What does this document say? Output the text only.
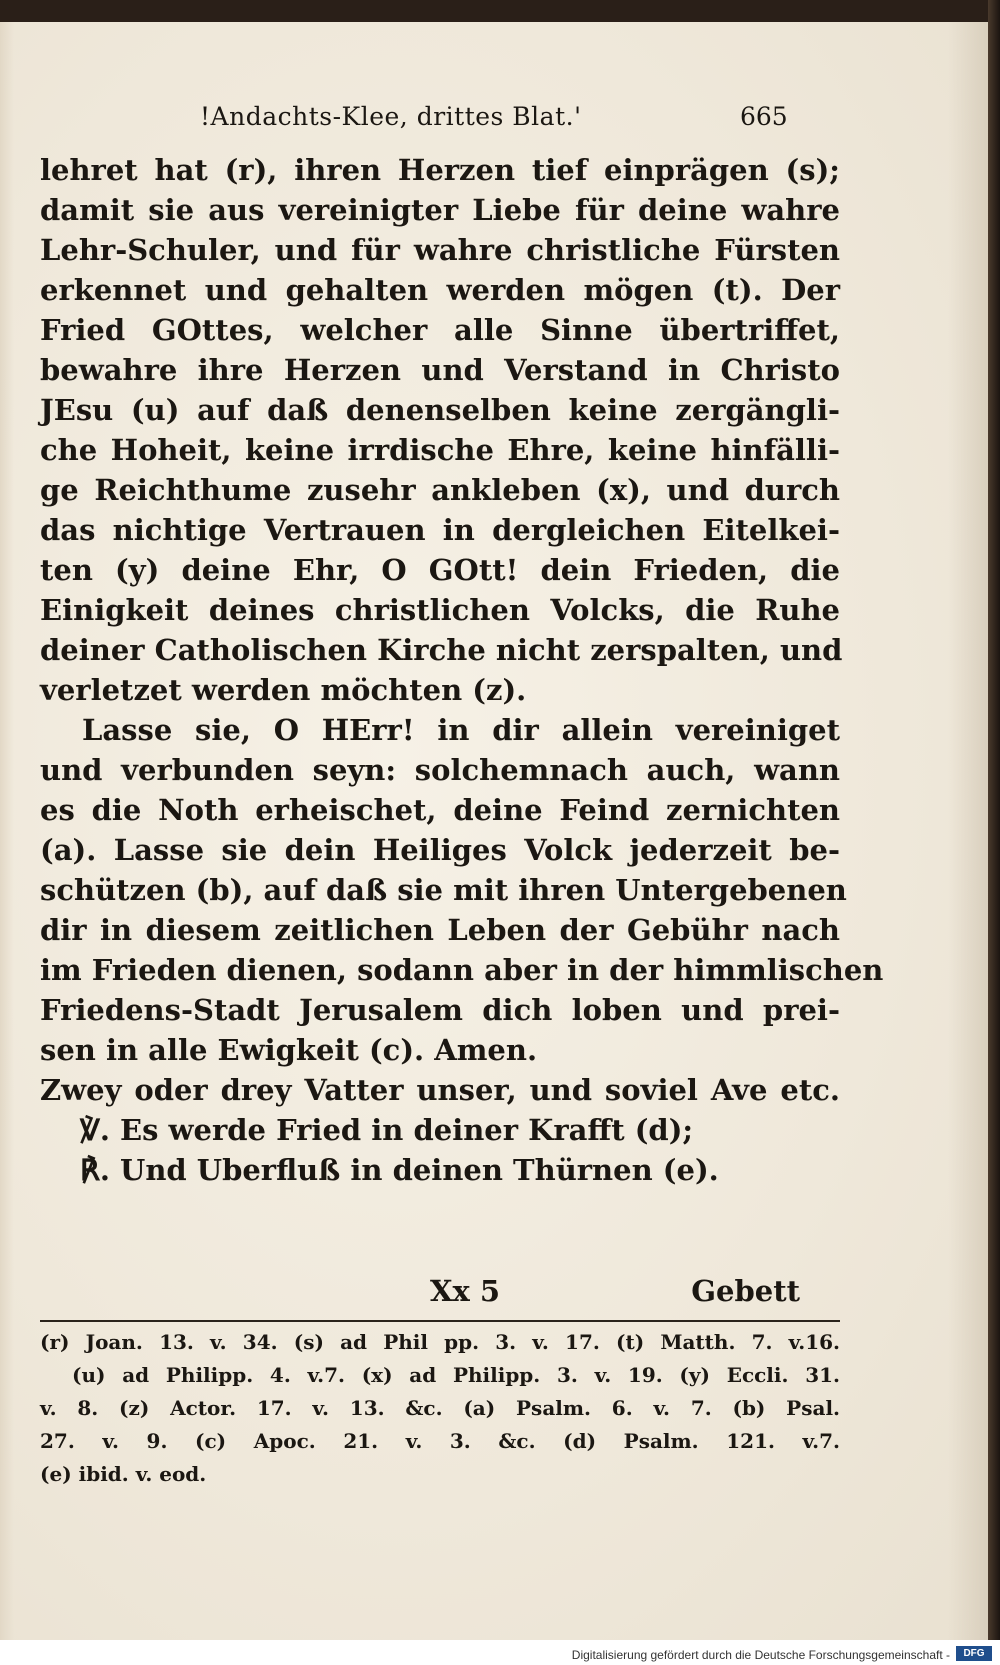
!Andachts-Klee, drittes Blat.'	665
lehret hat (r), ihren Herzen tief einprägen (s);
damit sie aus vereinigter Liebe für deine wahre
Lehr-Schuler, und für wahre christliche Fürsten
erkennet und gehalten werden mögen (t). Der
Fried GOttes, welcher alle Sinne übertriffet,
bewahre ihre Herzen und Verstand in Christo
JEsu (u) auf daß denenselben keine zergängli-
che Hoheit, keine irrdische Ehre, keine hinfälli-
ge Reichthume zusehr ankleben (x), und durch
das nichtige Vertrauen in dergleichen Eitelkei-
ten (y) deine Ehr, O GOtt! dein Frieden, die
Einigkeit deines christlichen Volcks, die Ruhe
deiner Catholischen Kirche nicht zerspalten, und
verletzet werden möchten (z).
Lasse sie, O HErr! in dir allein vereiniget
und verbunden seyn: solchemnach auch, wann
es die Noth erheischet, deine Feind zernichten
(a). Lasse sie dein Heiliges Volck jederzeit be-
schützen (b), auf daß sie mit ihren Untergebenen
dir in diesem zeitlichen Leben der Gebühr nach
im Frieden dienen, sodann aber in der himmlischen
Friedens-Stadt Jerusalem dich loben und prei-
sen in alle Ewigkeit (c). Amen.
Zwey oder drey Vatter unser, und soviel Ave etc.
℣. Es werde Fried in deiner Krafft (d);
℟. Und Uberfluß in deinen Thürnen (e).
Xx 5	Gebett
(r) Joan. 13. v. 34. (s) ad Phil pp. 3. v. 17. (t) Matth. 7. v.16.
(u) ad Philipp. 4. v.7. (x) ad Philipp. 3. v. 19. (y) Eccli. 31.
v. 8. (z) Actor. 17. v. 13. &c. (a) Psalm. 6. v. 7. (b) Psal.
27. v. 9. (c) Apoc. 21. v. 3. &c. (d) Psalm. 121. v.7.
(e) ibid. v. eod.
Digitalisierung gefördert durch die Deutsche Forschungsgemeinschaft -	DFG
